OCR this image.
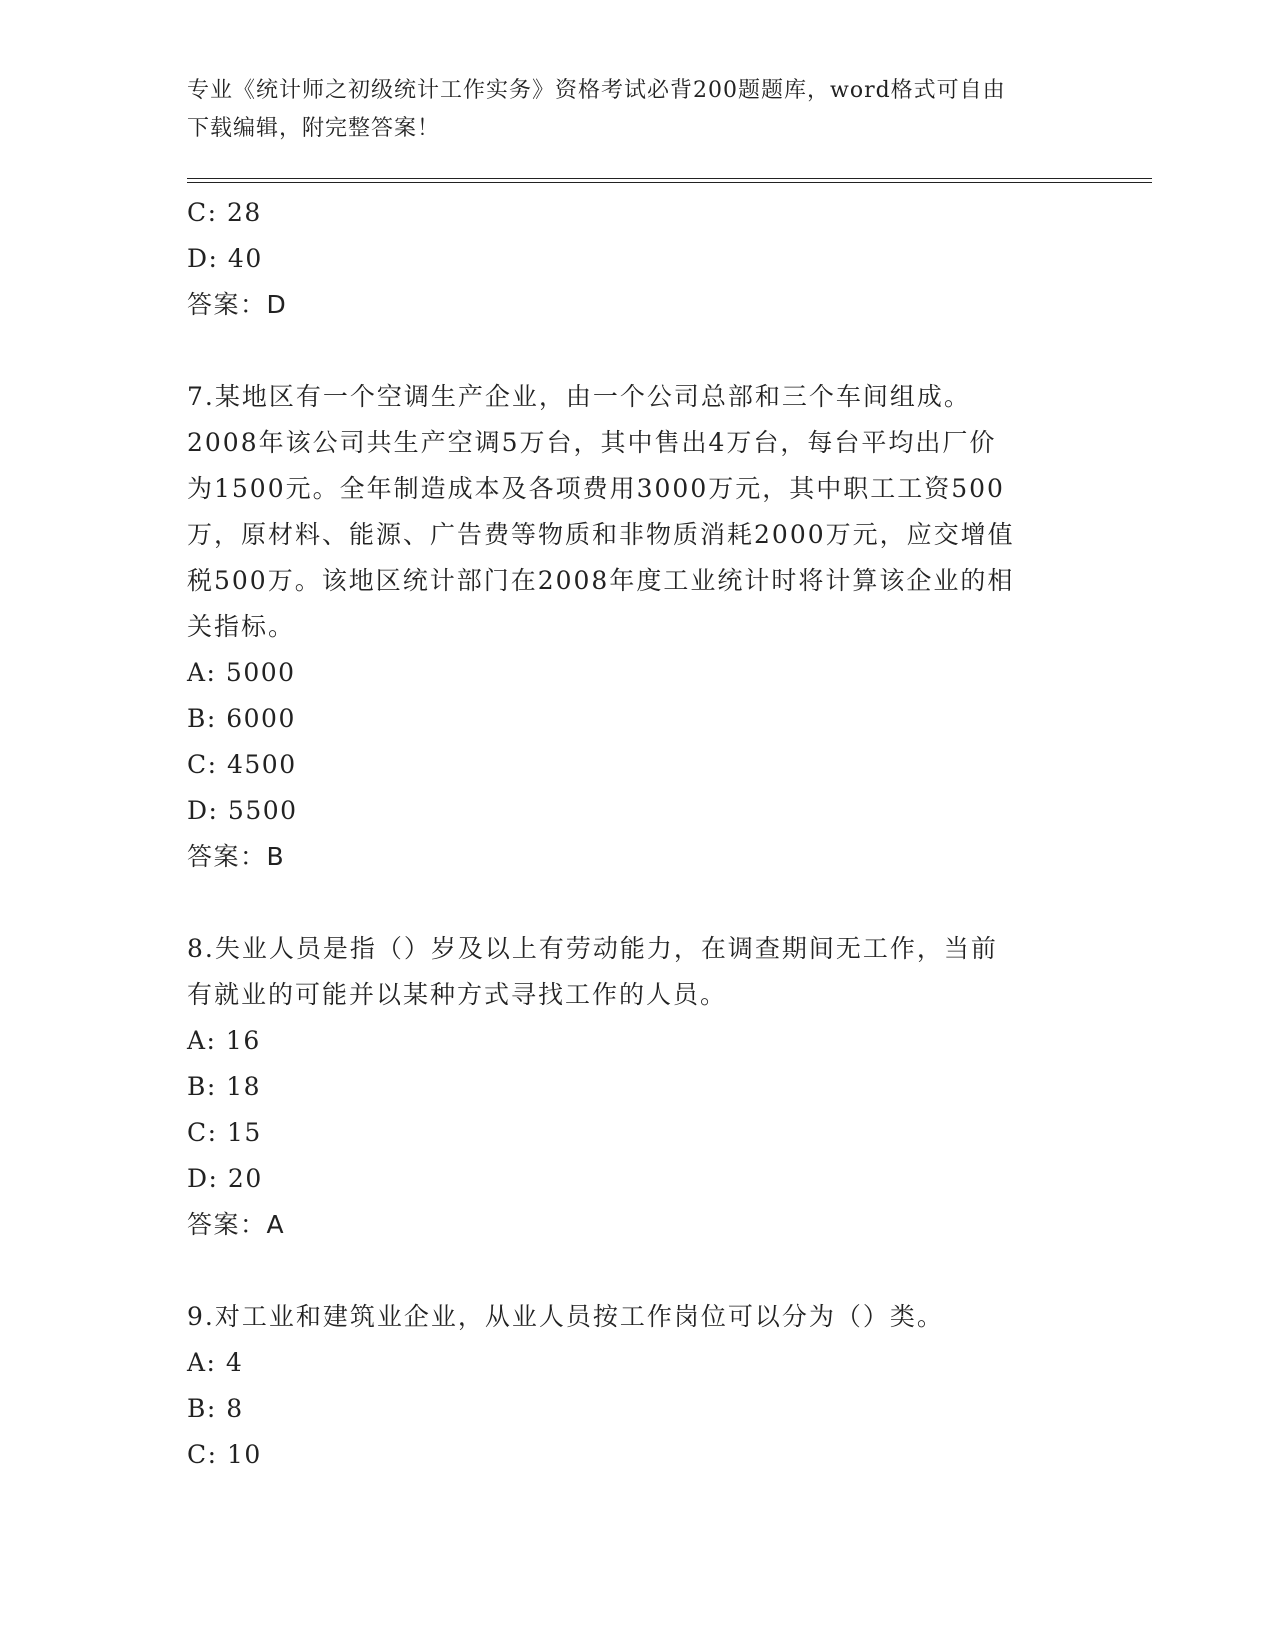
专业《统计师之初级统计工作实务》资格考试必背200题题库，word格式可自由
下载编辑，附完整答案！
C: 28
D: 40
答案：D
7.某地区有一个空调生产企业，由一个公司总部和三个车间组成。
2008年该公司共生产空调5万台，其中售出4万台，每台平均出厂价
为1500元。全年制造成本及各项费用3000万元，其中职工工资500
万，原材料、能源、广告费等物质和非物质消耗2000万元，应交增值
税500万。该地区统计部门在2008年度工业统计时将计算该企业的相
关指标。
A: 5000
B: 6000
C: 4500
D: 5500
答案：B
8.失业人员是指（）岁及以上有劳动能力，在调查期间无工作，当前
有就业的可能并以某种方式寻找工作的人员。
A: 16
B: 18
C: 15
D: 20
答案：A
9.对工业和建筑业企业，从业人员按工作岗位可以分为（）类。
A: 4
B: 8
C: 10
